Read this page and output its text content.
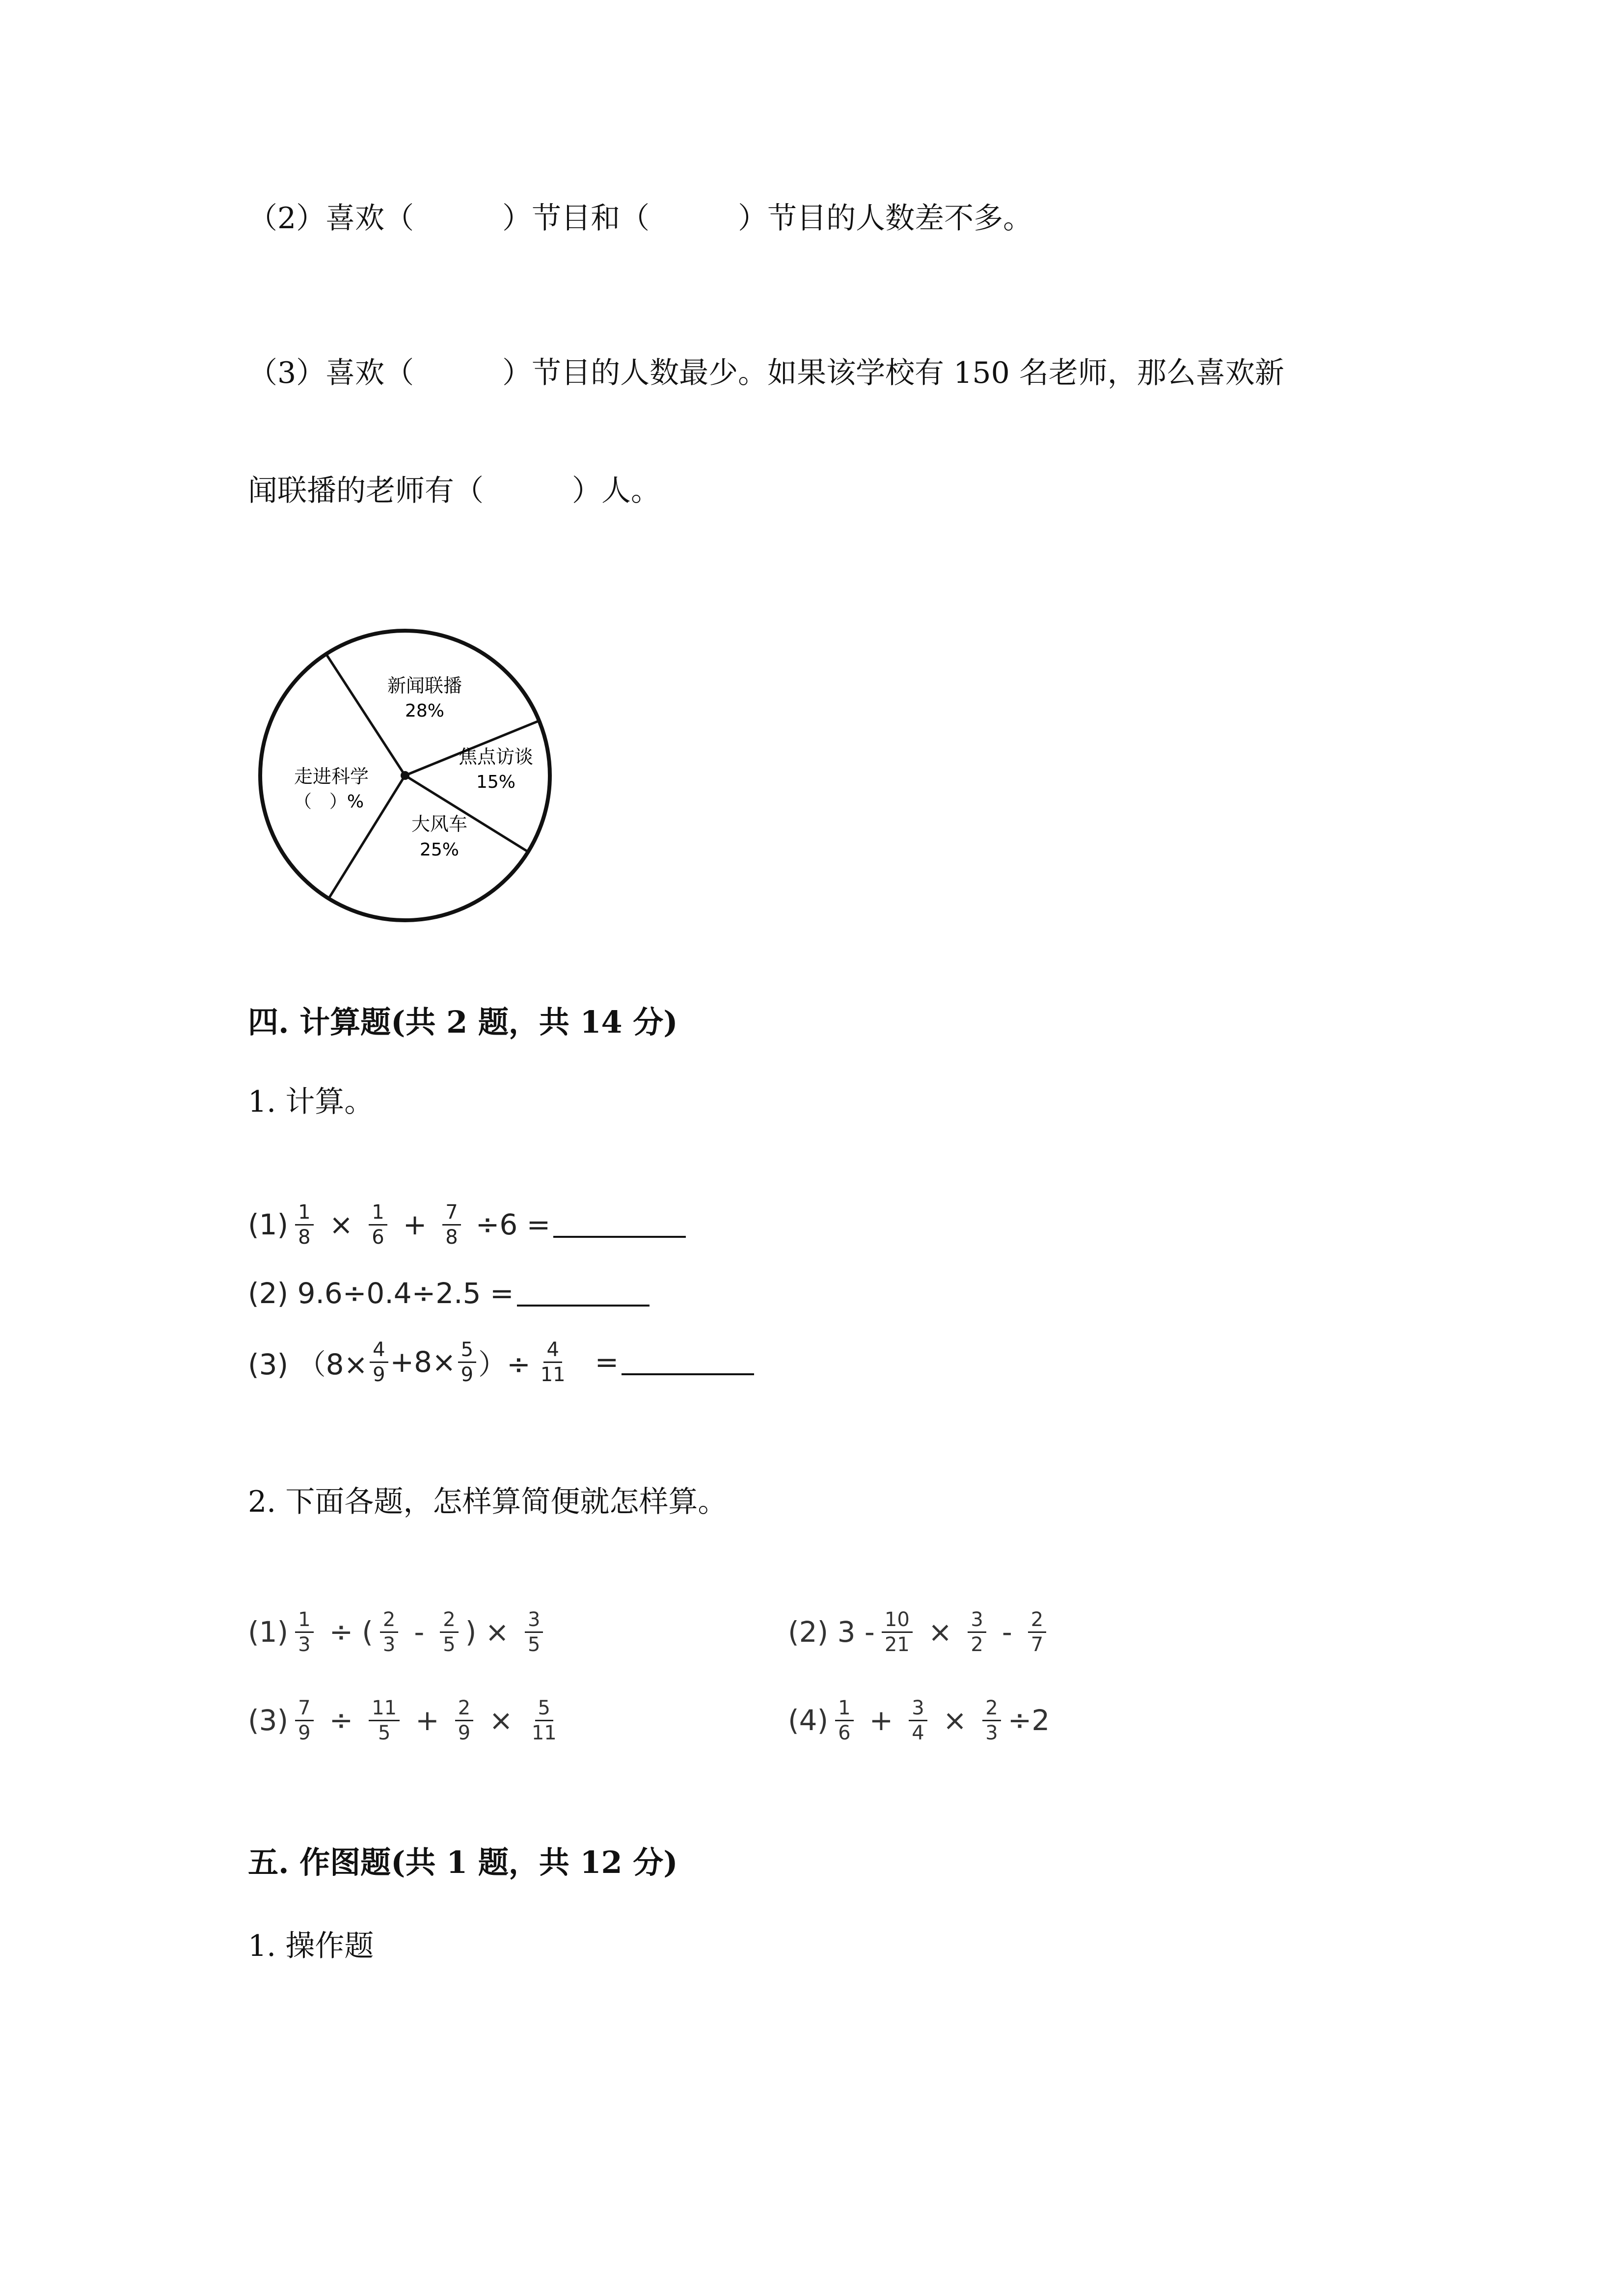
（2）喜欢（　　　）节目和（　　　）节目的人数差不多。
（3）喜欢（　　　）节目的人数最少。如果该学校有 150 名老师，那么喜欢新
闻联播的老师有（　　　）人。
新闻联播
28%
焦点访谈
15%
大风车
25%
走进科学
（　）%
四. 计算题(共 2 题，共 14 分)
1. 计算。
$(1) \frac{1}{8} \times \frac{1}{6} + \frac{7}{8} \div 6$ =
(2) 9.6÷0.4÷2.5 =
(3) （$8\times \frac{4}{9} +8\times \frac{5}{9}$ ）÷ $\frac{4}{11}$ =
2. 下面各题，怎样算简便就怎样算。
$(1) \frac{1}{3}$ ÷ ( $\frac{2}{3} - \frac{2}{5}$ ) × $\frac{3}{5}$	(2) $3 - \frac{10}{21} \times \frac{3}{2} - \frac{2}{7}$
$(3) \frac{7}{9} \div \frac{11}{5} + \frac{2}{9} \times \frac{5}{11}$	$(4) \frac{1}{6} + \frac{3}{4} \times \frac{2}{3} \div 2$
五. 作图题(共 1 题，共 12 分)
1. 操作题
